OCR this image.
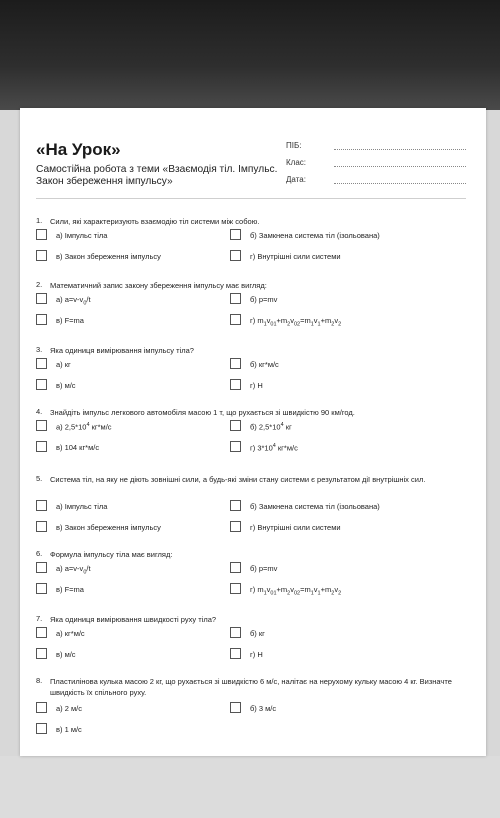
«На Урок»
Самостійна робота з теми «Взаємодія тіл. Імпульс. Закон збереження імпульсу»
ПІБ:
Клас:
Дата:
1. Сили, які характеризують взаємодію тіл системи між собою.
а) Імпульс тіла	б) Замкнена система тіл (ізольована)
в) Закон збереження імпульсу	г) Внутрішні сили системи
2. Математичний запис закону збереження імпульсу має вигляд:
а) $a=v-v_0/t$	б) p=mv
в) F=ma	г) $m_1v_{01}+m_2v_{02}=m_1v_1+m_2v_2$
3. Яка одиниця вимірювання імпульсу тіла?
а) кг	б) кг*м/с
в) м/с	г) Н
4. Знайдіть імпульс легкового автомобіля масою 1 т, що рухається зі швидкістю 90 км/год.
а) $2,5*10^4$ кг*м/с	б) $2,5*10^4$ кг
в) 104 кг*м/с	г) $3*10^4$ кг*м/с
5. Система тіл, на яку не діють зовнішні сили, а будь-які зміни стану системи є результатом дії внутрішніх сил.
а) Імпульс тіла	б) Замкнена система тіл (ізольована)
в) Закон збереження імпульсу	г) Внутрішні сили системи
6. Формула імпульсу тіла має вигляд:
а) $a=v-v_0/t$	б) p=mv
в) F=ma	г) $m_1v_{01}+m_2v_{02}=m_1v_1+m_2v_2$
7. Яка одиниця вимірювання швидкості руху тіла?
а) кг*м/с	б) кг
в) м/с	г) Н
8. Пластилінова кулька масою 2 кг, що рухається зі швидкістю 6 м/с, налітає на нерухому кульку масою 4 кг. Визначте швидкість їх спільного руху.
а) 2 м/с	б) 3 м/с
в) 1 м/с
